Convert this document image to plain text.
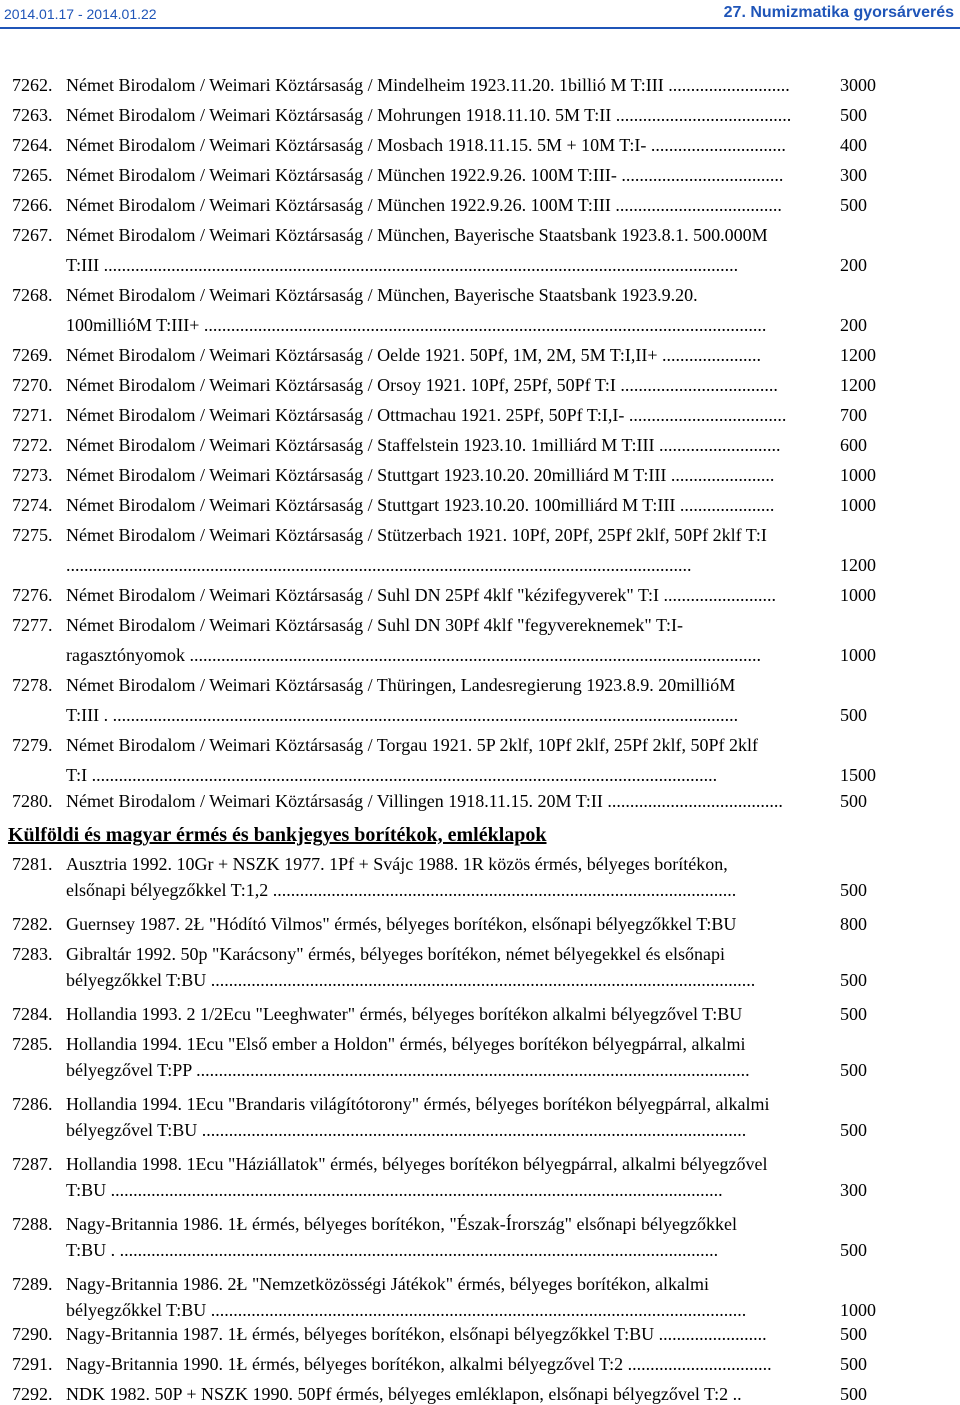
2014.01.17 - 2014.01.22	27. Numizmatika gyorsárverés
Külföldi és magyar érmés és bankjegyes borítékok, emléklapok
7262. Német Birodalom / Weimari Köztársaság / Mindelheim 1923.11.20. 1billió M T:III ...........................	3000
7263. Német Birodalom / Weimari Köztársaság / Mohrungen 1918.11.10. 5M T:II .......................................	500
7264. Német Birodalom / Weimari Köztársaság / Mosbach 1918.11.15. 5M + 10M T:I- ..............................	400
7265. Német Birodalom / Weimari Köztársaság / München 1922.9.26. 100M T:III- ....................................	300
7266. Német Birodalom / Weimari Köztársaság / München 1922.9.26. 100M T:III .....................................	500
7267. Német Birodalom / Weimari Köztársaság / München, Bayerische Staatsbank 1923.8.1. 500.000M
T:III .............................................................................................................................................	200
7268. Német Birodalom / Weimari Köztársaság / München, Bayerische Staatsbank 1923.9.20.
100millióM T:III+ .............................................................................................................................	200
7269. Német Birodalom / Weimari Köztársaság / Oelde 1921. 50Pf, 1M, 2M, 5M T:I,II+ ......................	1200
7270. Német Birodalom / Weimari Köztársaság / Orsoy 1921. 10Pf, 25Pf, 50Pf T:I ...................................	1200
7271. Német Birodalom / Weimari Köztársaság / Ottmachau 1921. 25Pf, 50Pf T:I,I- ...................................	700
7272. Német Birodalom / Weimari Köztársaság / Staffelstein 1923.10. 1milliárd M T:III ...........................	600
7273. Német Birodalom / Weimari Köztársaság / Stuttgart 1923.10.20. 20milliárd M T:III .......................	1000
7274. Német Birodalom / Weimari Köztársaság / Stuttgart 1923.10.20. 100milliárd M T:III .....................	1000
7275. Német Birodalom / Weimari Köztársaság / Stützerbach 1921. 10Pf, 20Pf, 25Pf 2klf, 50Pf 2klf T:I
...........................................................................................................................................	1200
7276. Német Birodalom / Weimari Köztársaság / Suhl DN 25Pf 4klf "kézifegyverek" T:I .........................	1000
7277. Német Birodalom / Weimari Köztársaság / Suhl DN 30Pf 4klf "fegyvereknemek" T:I-
ragasztónyomok ...............................................................................................................................	1000
7278. Német Birodalom / Weimari Köztársaság / Thüringen, Landesregierung 1923.8.9. 20millióM
T:III . ...........................................................................................................................................	500
7279. Német Birodalom / Weimari Köztársaság / Torgau 1921. 5P 2klf, 10Pf 2klf, 25Pf 2klf, 50Pf 2klf
T:I ...........................................................................................................................................	1500
7280. Német Birodalom / Weimari Köztársaság / Villingen 1918.11.15. 20M T:II .......................................	500
7281. Ausztria 1992. 10Gr + NSZK 1977. 1Pf + Svájc 1988. 1R közös érmés, bélyeges borítékon,
elsőnapi bélyegzőkkel T:1,2 .......................................................................................................	500
7282. Guernsey 1987. 2Ł "Hódító Vilmos" érmés, bélyeges borítékon, elsőnapi bélyegzőkkel T:BU	800
7283. Gibraltár 1992. 50p "Karácsony" érmés, bélyeges borítékon, német bélyegekkel és elsőnapi
bélyegzőkkel T:BU .........................................................................................................................	500
7284. Hollandia 1993. 2 1/2Ecu "Leeghwater" érmés, bélyeges borítékon alkalmi bélyegzővel T:BU	500
7285. Hollandia 1994. 1Ecu "Első ember a Holdon" érmés, bélyeges borítékon bélyegpárral, alkalmi
bélyegzővel T:PP ...........................................................................................................................	500
7286. Hollandia 1994. 1Ecu "Brandaris világítótorony" érmés, bélyeges borítékon bélyegpárral, alkalmi
bélyegzővel T:BU .........................................................................................................................	500
7287. Hollandia 1998. 1Ecu "Háziállatok" érmés, bélyeges borítékon bélyegpárral, alkalmi bélyegzővel
T:BU ........................................................................................................................................	300
7288. Nagy-Britannia 1986. 1Ł érmés, bélyeges borítékon, "Észak-Írország" elsőnapi bélyegzőkkel
T:BU . .....................................................................................................................................	500
7289. Nagy-Britannia 1986. 2Ł "Nemzetközösségi Játékok" érmés, bélyeges borítékon, alkalmi
bélyegzőkkel T:BU .......................................................................................................................	1000
7290. Nagy-Britannia 1987. 1Ł érmés, bélyeges borítékon, elsőnapi bélyegzőkkel T:BU ........................	500
7291. Nagy-Britannia 1990. 1Ł érmés, bélyeges borítékon, alkalmi bélyegzővel T:2 ................................	500
7292. NDK 1982. 50P + NSZK 1990. 50Pf érmés, bélyeges emléklapon, elsőnapi bélyegzővel T:2 ..	500
